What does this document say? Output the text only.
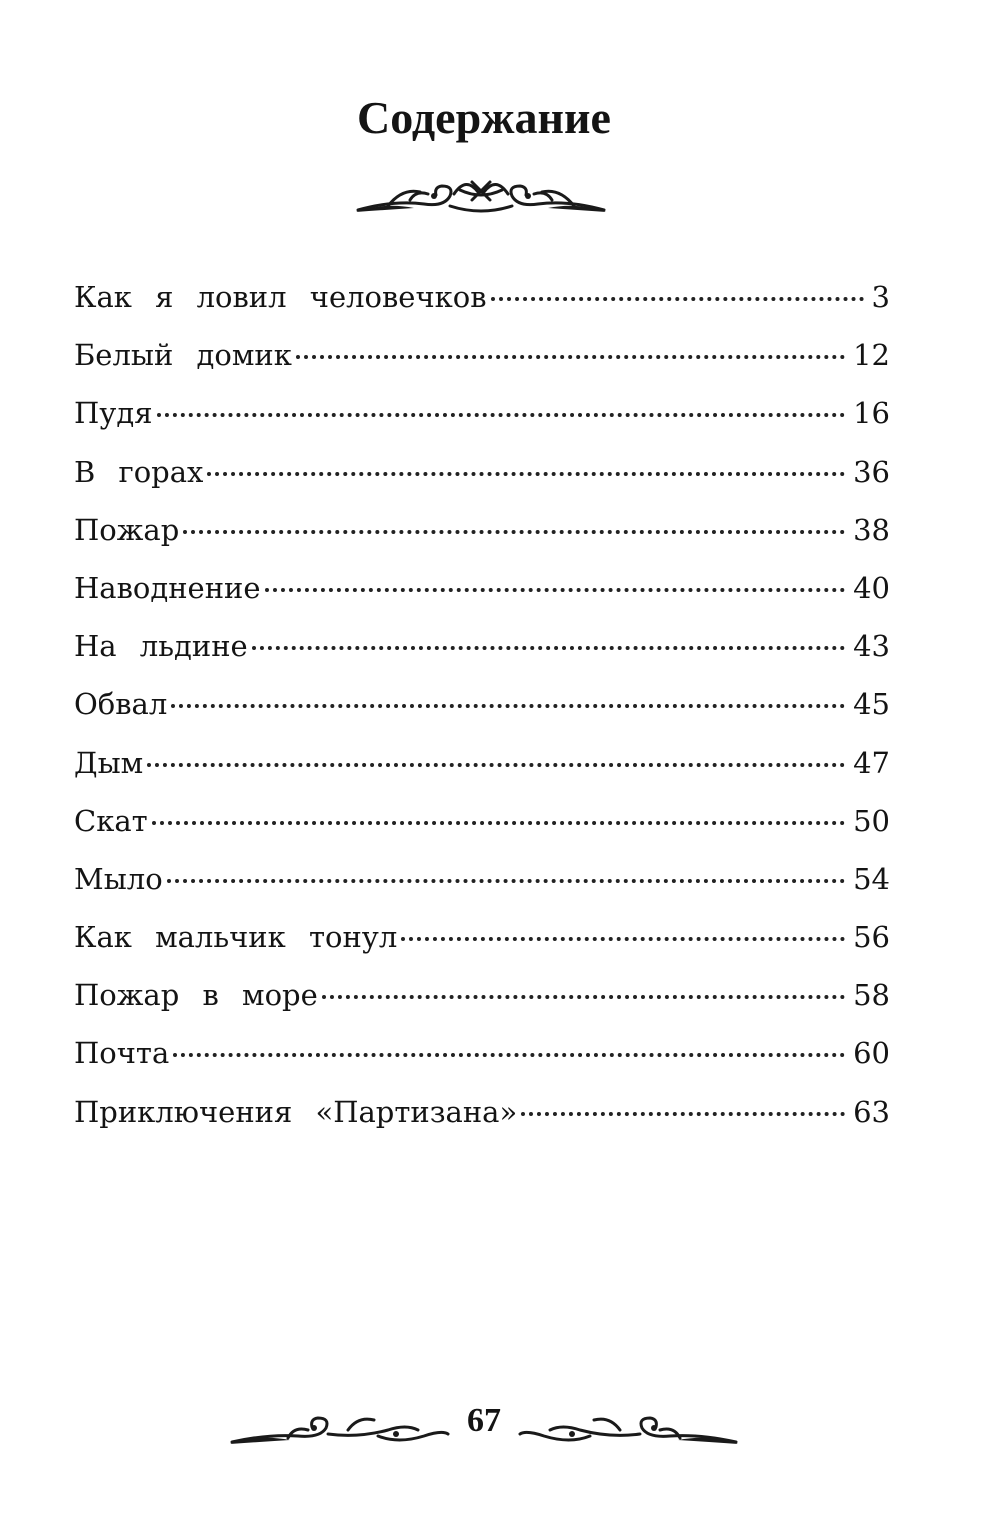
Содержание
Как я ловил человечков	3
Белый домик	12
Пудя	16
В горах	36
Пожар	38
Наводнение	40
На льдине	43
Обвал	45
Дым	47
Скат	50
Мыло	54
Как мальчик тонул	56
Пожар в море	58
Почта	60
Приключения «Партизана»	63
67
